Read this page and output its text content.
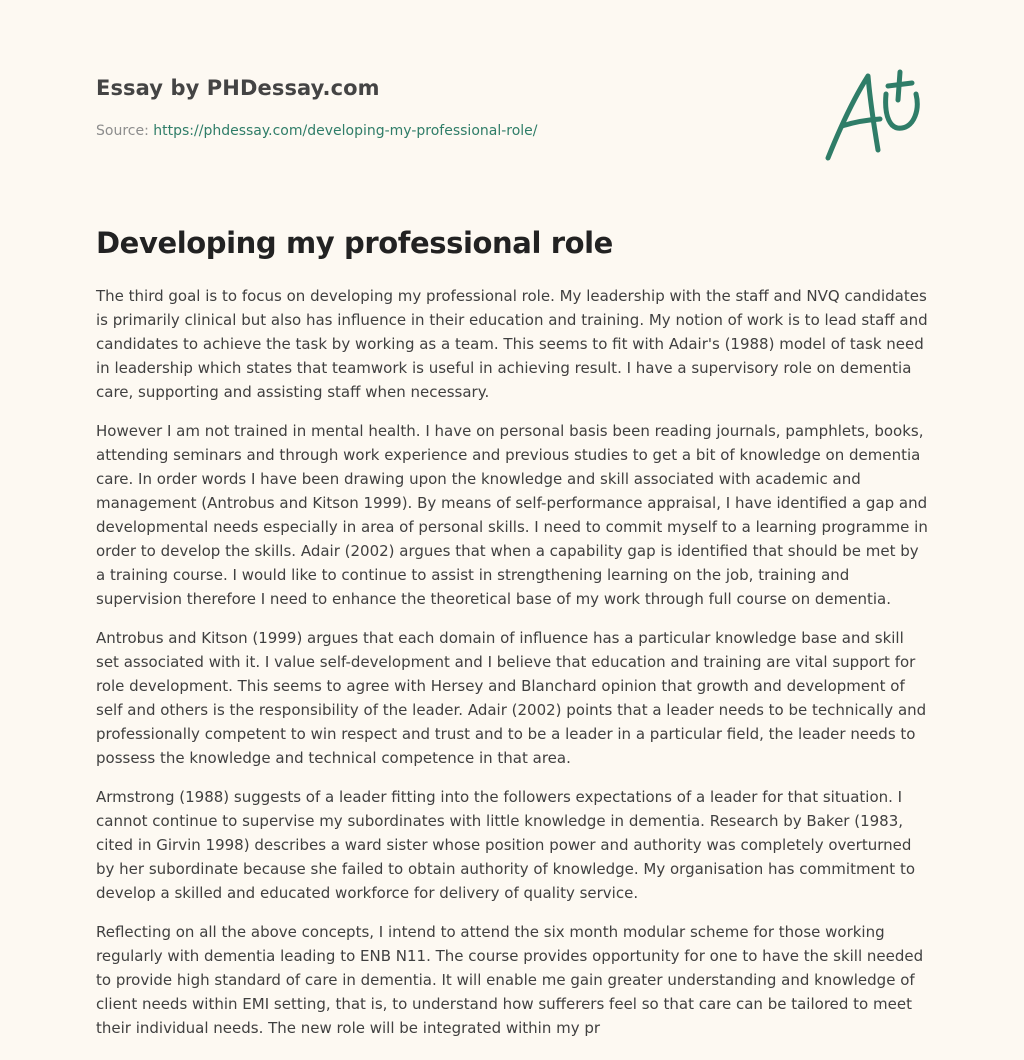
Essay by PHDessay.com
Source: https://phdessay.com/developing-my-professional-role/
Developing my professional role

The third goal is to focus on developing my professional role. My leadership with the staff and NVQ candidates is primarily clinical but also has influence in their education and training. My notion of work is to lead staff and candidates to achieve the task by working as a team. This seems to fit with Adair's (1988) model of task need in leadership which states that teamwork is useful in achieving result. I have a supervisory role on dementia care, supporting and assisting staff when necessary.

However I am not trained in mental health. I have on personal basis been reading journals, pamphlets, books, attending seminars and through work experience and previous studies to get a bit of knowledge on dementia care. In order words I have been drawing upon the knowledge and skill associated with academic and management (Antrobus and Kitson 1999). By means of self-performance appraisal, I have identified a gap and developmental needs especially in area of personal skills. I need to commit myself to a learning programme in order to develop the skills. Adair (2002) argues that when a capability gap is identified that should be met by a training course. I would like to continue to assist in strengthening learning on the job, training and supervision therefore I need to enhance the theoretical base of my work through full course on dementia.

Antrobus and Kitson (1999) argues that each domain of influence has a particular knowledge base and skill set associated with it. I value self-development and I believe that education and training are vital support for role development. This seems to agree with Hersey and Blanchard opinion that growth and development of self and others is the responsibility of the leader. Adair (2002) points that a leader needs to be technically and professionally competent to win respect and trust and to be a leader in a particular field, the leader needs to possess the knowledge and technical competence in that area.

Armstrong (1988) suggests of a leader fitting into the followers expectations of a leader for that situation. I cannot continue to supervise my subordinates with little knowledge in dementia. Research by Baker (1983, cited in Girvin 1998) describes a ward sister whose position power and authority was completely overturned by her subordinate because she failed to obtain authority of knowledge. My organisation has commitment to develop a skilled and educated workforce for delivery of quality service.

Reflecting on all the above concepts, I intend to attend the six month modular scheme for those working regularly with dementia leading to ENB N11. The course provides opportunity for one to have the skill needed to provide high standard of care in dementia. It will enable me gain greater understanding and knowledge of client needs within EMI setting, that is, to understand how sufferers feel so that care can be tailored to meet their individual needs. The new role will be integrated within my pr
